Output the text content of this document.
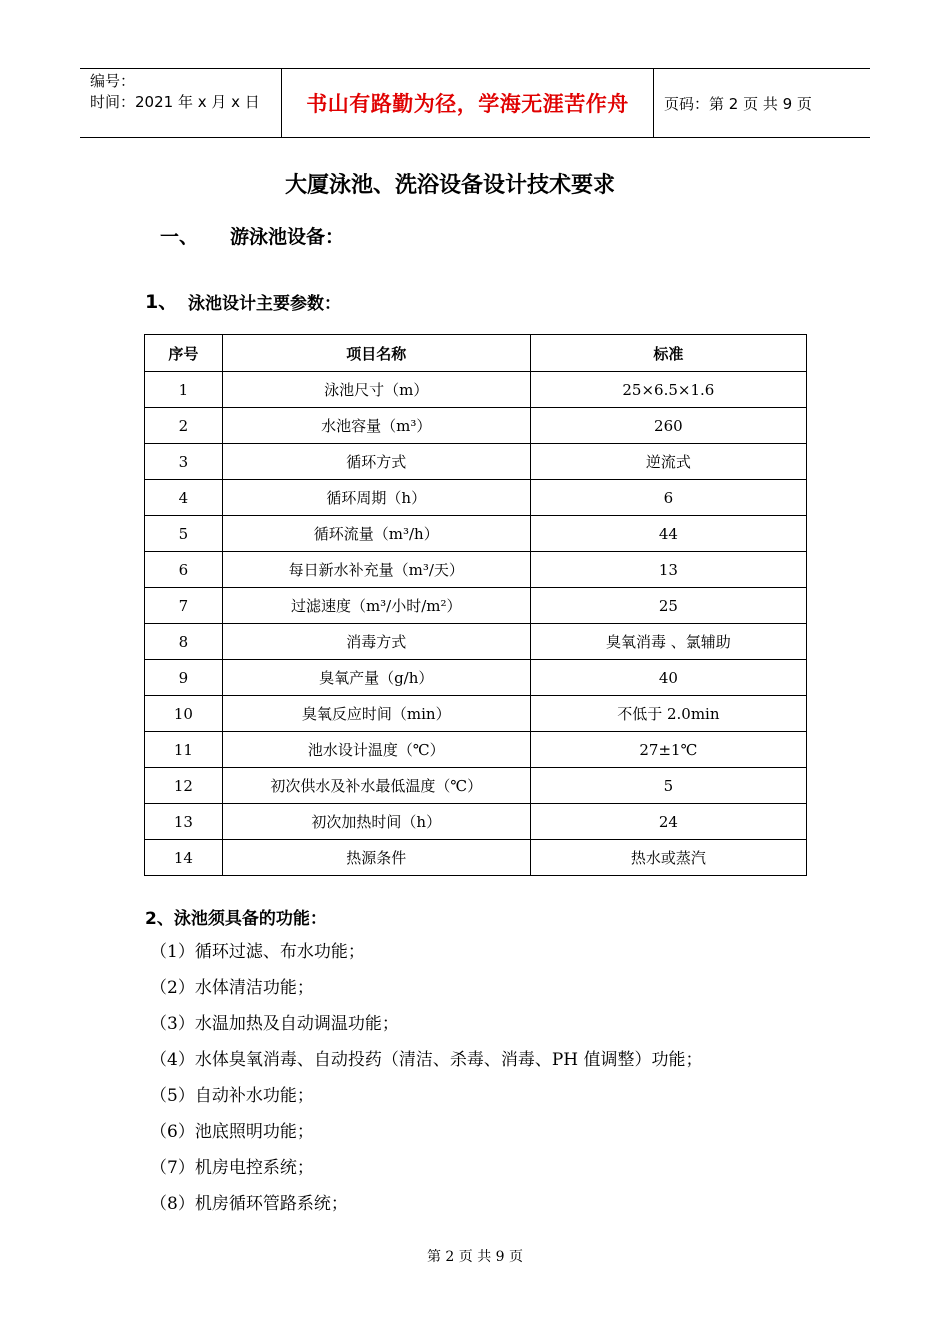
编号：
时间：2021 年 x 月 x 日	书山有路勤为径，学海无涯苦作舟	页码：第 2 页 共 9 页
大厦泳池、洗浴设备设计技术要求
一、 游泳池设备：
1、 泳池设计主要参数：
序号	项目名称	标准
1	泳池尺寸（m）	25×6.5×1.6
2	水池容量（m³）	260
3	循环方式	逆流式
4	循环周期（h）	6
5	循环流量（m³/h）	44
6	每日新水补充量（m³/天）	13
7	过滤速度（m³/小时/m²）	25
8	消毒方式	臭氧消毒 、氯辅助
9	臭氧产量（g/h）	40
10	臭氧反应时间（min）	不低于 2.0min
11	池水设计温度（℃）	27±1℃
12	初次供水及补水最低温度（℃）	5
13	初次加热时间（h）	24
14	热源条件	热水或蒸汽
2、泳池须具备的功能：
（1）循环过滤、布水功能；
（2）水体清洁功能；
（3）水温加热及自动调温功能；
（4）水体臭氧消毒、自动投药（清洁、杀毒、消毒、PH 值调整）功能；
（5）自动补水功能；
（6）池底照明功能；
（7）机房电控系统；
（8）机房循环管路系统；
第 2 页 共 9 页
